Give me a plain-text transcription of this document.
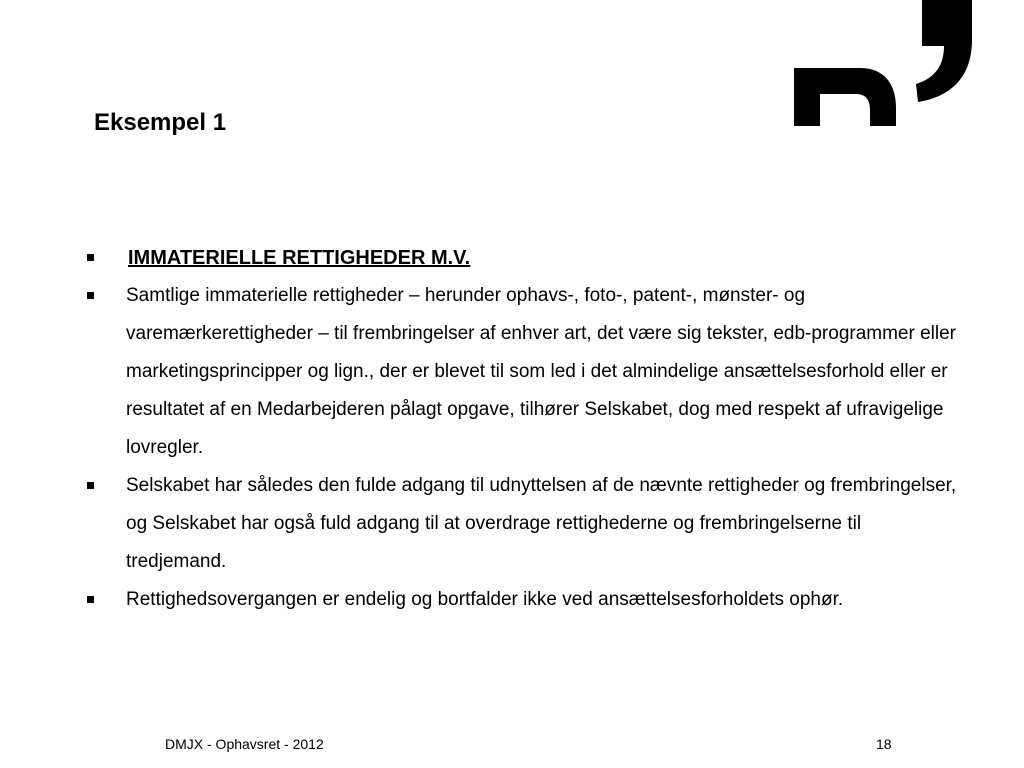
Eksempel 1
IMMATERIELLE RETTIGHEDER M.V.
Samtlige immaterielle rettigheder – herunder ophavs-, foto-, patent-, mønster- og varemærkerettigheder – til frembringelser af enhver art, det være sig tekster, edb-programmer eller marketingsprincipper og lign., der er blevet til som led i det almindelige ansættelsesforhold eller er resultatet af en Medarbejderen pålagt opgave, tilhører Selskabet, dog med respekt af ufravigelige lovregler.
Selskabet har således den fulde adgang til udnyttelsen af de nævnte rettigheder og frembringelser, og Selskabet har også fuld adgang til at overdrage rettighederne og frembringelserne til tredjemand.
Rettighedsovergangen er endelig og bortfalder ikke ved ansættelsesforholdets ophør.
DMJX - Ophavsret - 2012	18
